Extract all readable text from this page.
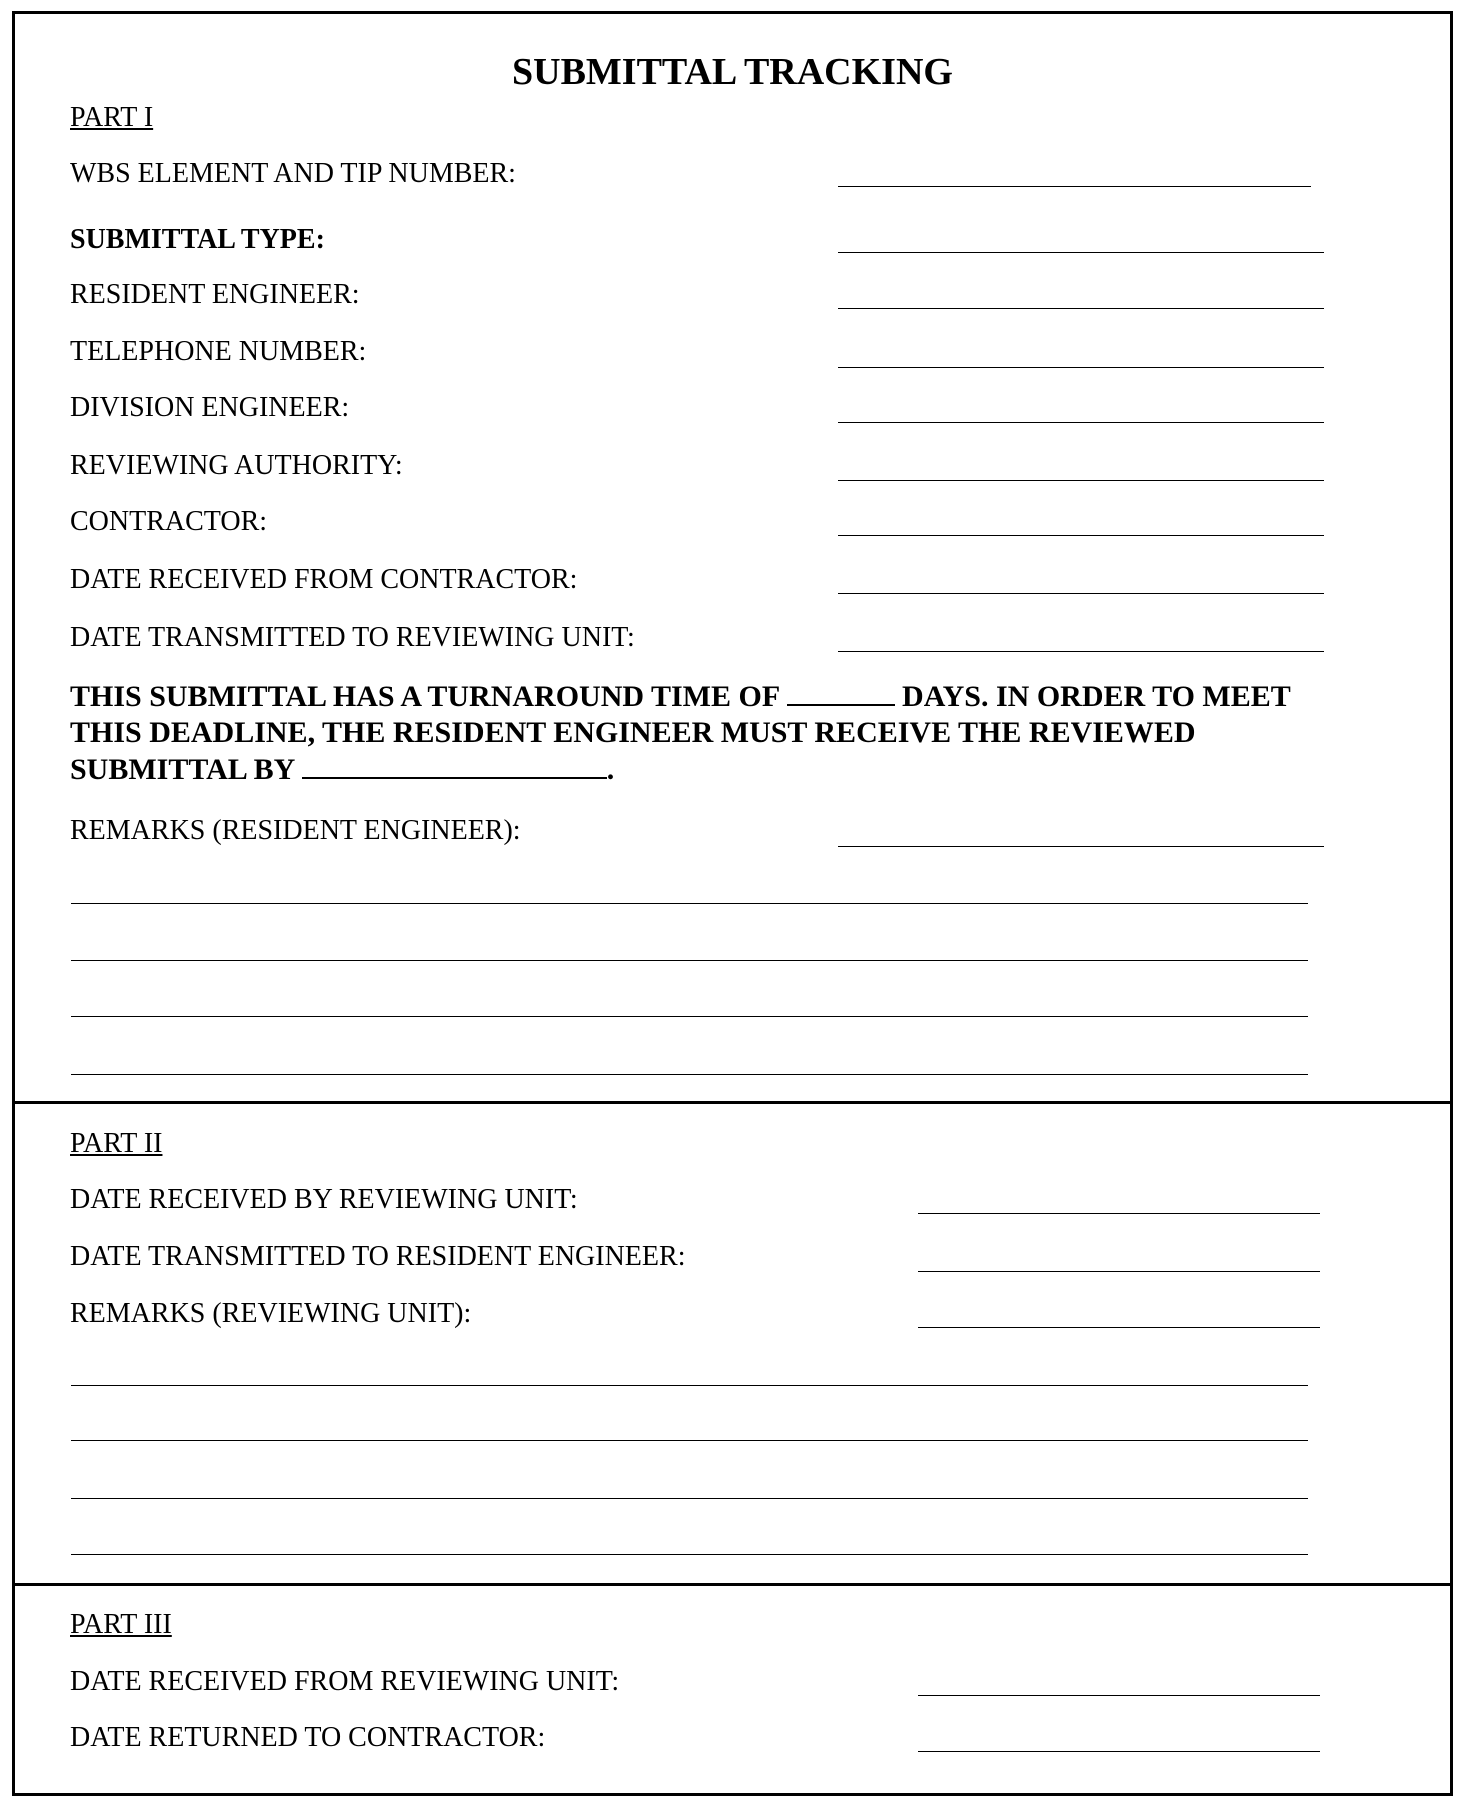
SUBMITTAL TRACKING
PART I
WBS ELEMENT AND TIP NUMBER:
SUBMITTAL TYPE:
RESIDENT ENGINEER:
TELEPHONE NUMBER:
DIVISION ENGINEER:
REVIEWING AUTHORITY:
CONTRACTOR:
DATE RECEIVED FROM CONTRACTOR:
DATE TRANSMITTED TO REVIEWING UNIT:
THIS SUBMITTAL HAS A TURNAROUND TIME OF	DAYS. IN ORDER TO MEET THIS DEADLINE, THE RESIDENT ENGINEER MUST RECEIVE THE REVIEWED SUBMITTAL BY	.
REMARKS (RESIDENT ENGINEER):
PART II
DATE RECEIVED BY REVIEWING UNIT:
DATE TRANSMITTED TO RESIDENT ENGINEER:
REMARKS (REVIEWING UNIT):
PART III
DATE RECEIVED FROM REVIEWING UNIT:
DATE RETURNED TO CONTRACTOR:
